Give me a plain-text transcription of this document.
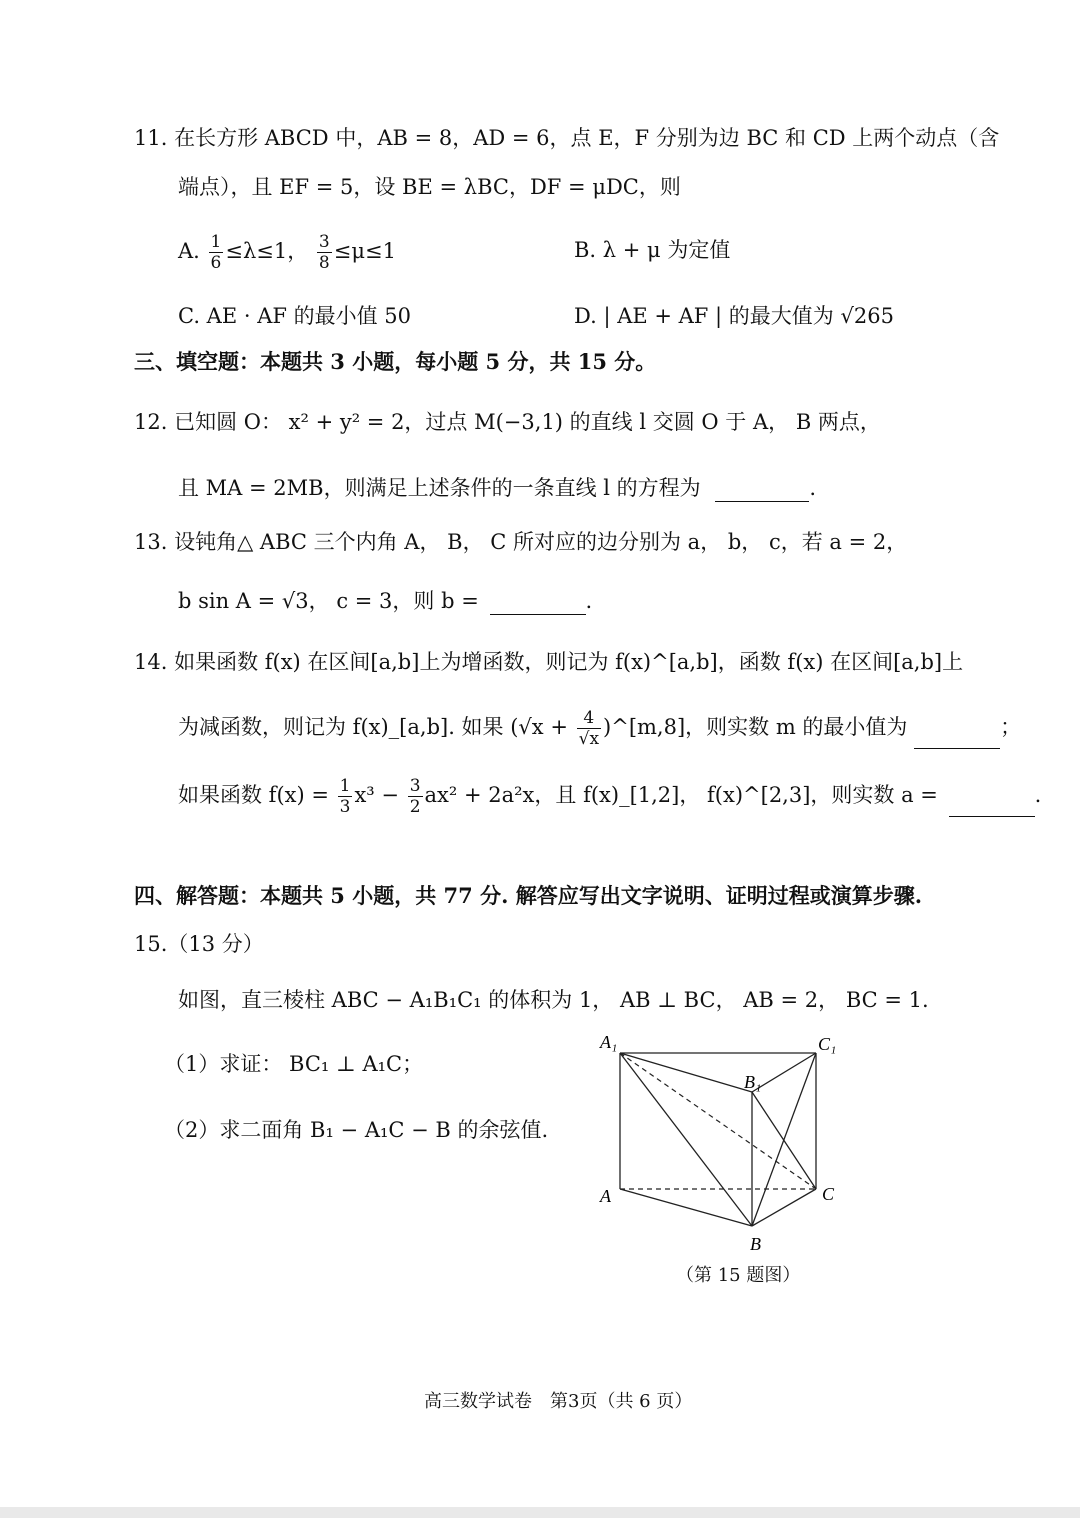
11. 在长方形 ABCD 中，AB = 8，AD = 6，点 E，F 分别为边 BC 和 CD 上两个动点（含
端点），且 EF = 5，设 BE = λBC，DF = μDC，则
A. $\frac{1}{6} \le\lambda\le 1$， $\frac{3}{8} \le\mu\le 1$	B. λ + μ 为定值
C. AE · AF 的最小值 50	D. | AE + AF | 的最大值为 √265
三、填空题：本题共 3 小题，每小题 5 分，共 15 分。
12. 已知圆 O： x² + y² = 2，过点 M(−3,1) 的直线 l 交圆 O 于 A， B 两点，
且 MA = 2MB，则满足上述条件的一条直线 l 的方程为	.
13. 设钝角△ ABC 三个内角 A， B， C 所对应的边分别为 a， b， c，若 a = 2，
b sin A = √3， c = 3，则 b =	.
14. 如果函数 f(x) 在区间[a,b]上为增函数，则记为 f(x)^[a,b]，函数 f(x) 在区间[a,b]上
为减函数，则记为 f(x)_[a,b]. 如果 ($√x + \frac{4}{√x}$ )^[m,8]，则实数 m 的最小值为	；
如果函数 $f(x) = \frac{1}{3} x^3 - \frac{3}{2} ax^2 + 2a^2x$，且 f(x)_[1,2]， f(x)^[2,3]，则实数 a =	.
四、解答题：本题共 5 小题，共 77 分. 解答应写出文字说明、证明过程或演算步骤.
15.（13 分）
如图，直三棱柱 ABC − A₁B₁C₁ 的体积为 1， AB ⊥ BC， AB = 2， BC = 1.
（1）求证： BC₁ ⊥ A₁C；
（2）求二面角 B₁ − A₁C − B 的余弦值.
A₁	C₁
B₁
A	C
B
（第 15 题图）
高三数学试卷　第3页（共 6 页）
